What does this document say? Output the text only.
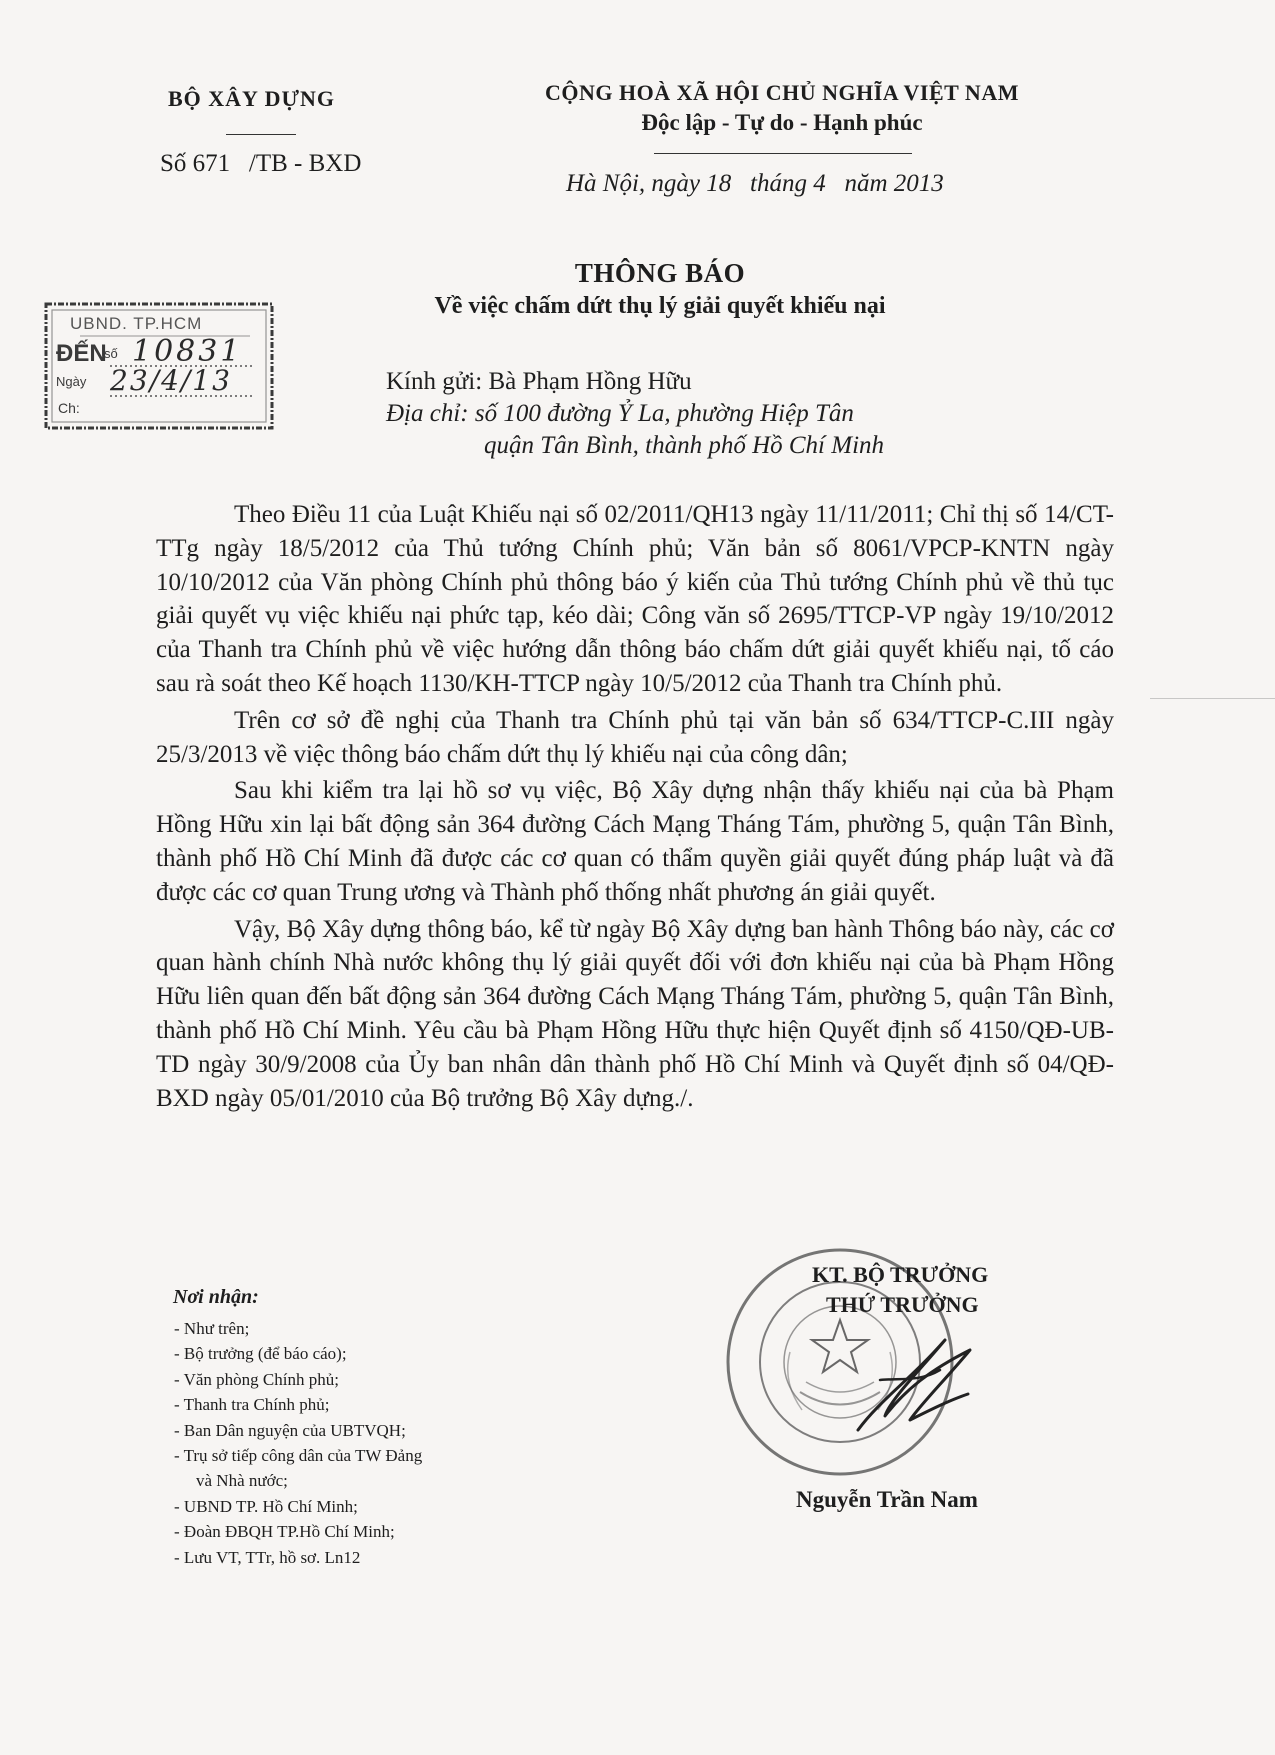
BỘ XÂY DỰNG
Số 671   /TB - BXD
CỘNG HOÀ XÃ HỘI CHỦ NGHĨA VIỆT NAM
Độc lập - Tự do - Hạnh phúc
Hà Nội, ngày 18   tháng 4   năm 2013
UBND. TP.HCM
ĐẾN
số 10831
Ngày 23/4/13
Ch:
THÔNG BÁO
Về việc chấm dứt thụ lý giải quyết khiếu nại
Kính gửi: Bà Phạm Hồng Hữu
Địa chỉ: số 100 đường Ỷ La, phường Hiệp Tân
quận Tân Bình, thành phố Hồ Chí Minh

Theo Điều 11 của Luật Khiếu nại số 02/2011/QH13 ngày 11/11/2011; Chỉ thị số 14/CT-TTg ngày 18/5/2012 của Thủ tướng Chính phủ; Văn bản số 8061/VPCP-KNTN ngày 10/10/2012 của Văn phòng Chính phủ thông báo ý kiến của Thủ tướng Chính phủ về thủ tục giải quyết vụ việc khiếu nại phức tạp, kéo dài; Công văn số 2695/TTCP-VP ngày 19/10/2012 của Thanh tra Chính phủ về việc hướng dẫn thông báo chấm dứt giải quyết khiếu nại, tố cáo sau rà soát theo Kế hoạch 1130/KH-TTCP ngày 10/5/2012 của Thanh tra Chính phủ.

Trên cơ sở đề nghị của Thanh tra Chính phủ tại văn bản số 634/TTCP-C.III ngày 25/3/2013 về việc thông báo chấm dứt thụ lý khiếu nại của công dân;

Sau khi kiểm tra lại hồ sơ vụ việc, Bộ Xây dựng nhận thấy khiếu nại của bà Phạm Hồng Hữu xin lại bất động sản 364 đường Cách Mạng Tháng Tám, phường 5, quận Tân Bình, thành phố Hồ Chí Minh đã được các cơ quan có thẩm quyền giải quyết đúng pháp luật và đã được các cơ quan Trung ương và Thành phố thống nhất phương án giải quyết.

Vậy, Bộ Xây dựng thông báo, kể từ ngày Bộ Xây dựng ban hành Thông báo này, các cơ quan hành chính Nhà nước không thụ lý giải quyết đối với đơn khiếu nại của bà Phạm Hồng Hữu liên quan đến bất động sản 364 đường Cách Mạng Tháng Tám, phường 5, quận Tân Bình, thành phố Hồ Chí Minh. Yêu cầu bà Phạm Hồng Hữu thực hiện Quyết định số 4150/QĐ-UB-TD ngày 30/9/2008 của Ủy ban nhân dân thành phố Hồ Chí Minh và Quyết định số 04/QĐ-BXD ngày 05/01/2010 của Bộ trưởng Bộ Xây dựng./.

Nơi nhận:
- Như trên;
- Bộ trưởng (để báo cáo);
- Văn phòng Chính phủ;
- Thanh tra Chính phủ;
- Ban Dân nguyện của UBTVQH;
- Trụ sở tiếp công dân của TW Đảng
và Nhà nước;
- UBND TP. Hồ Chí Minh;
- Đoàn ĐBQH TP.Hồ Chí Minh;
- Lưu VT, TTr, hồ sơ. Ln12
KT. BỘ TRƯỞNG
THỨ TRƯỞNG
Nguyễn Trần Nam
